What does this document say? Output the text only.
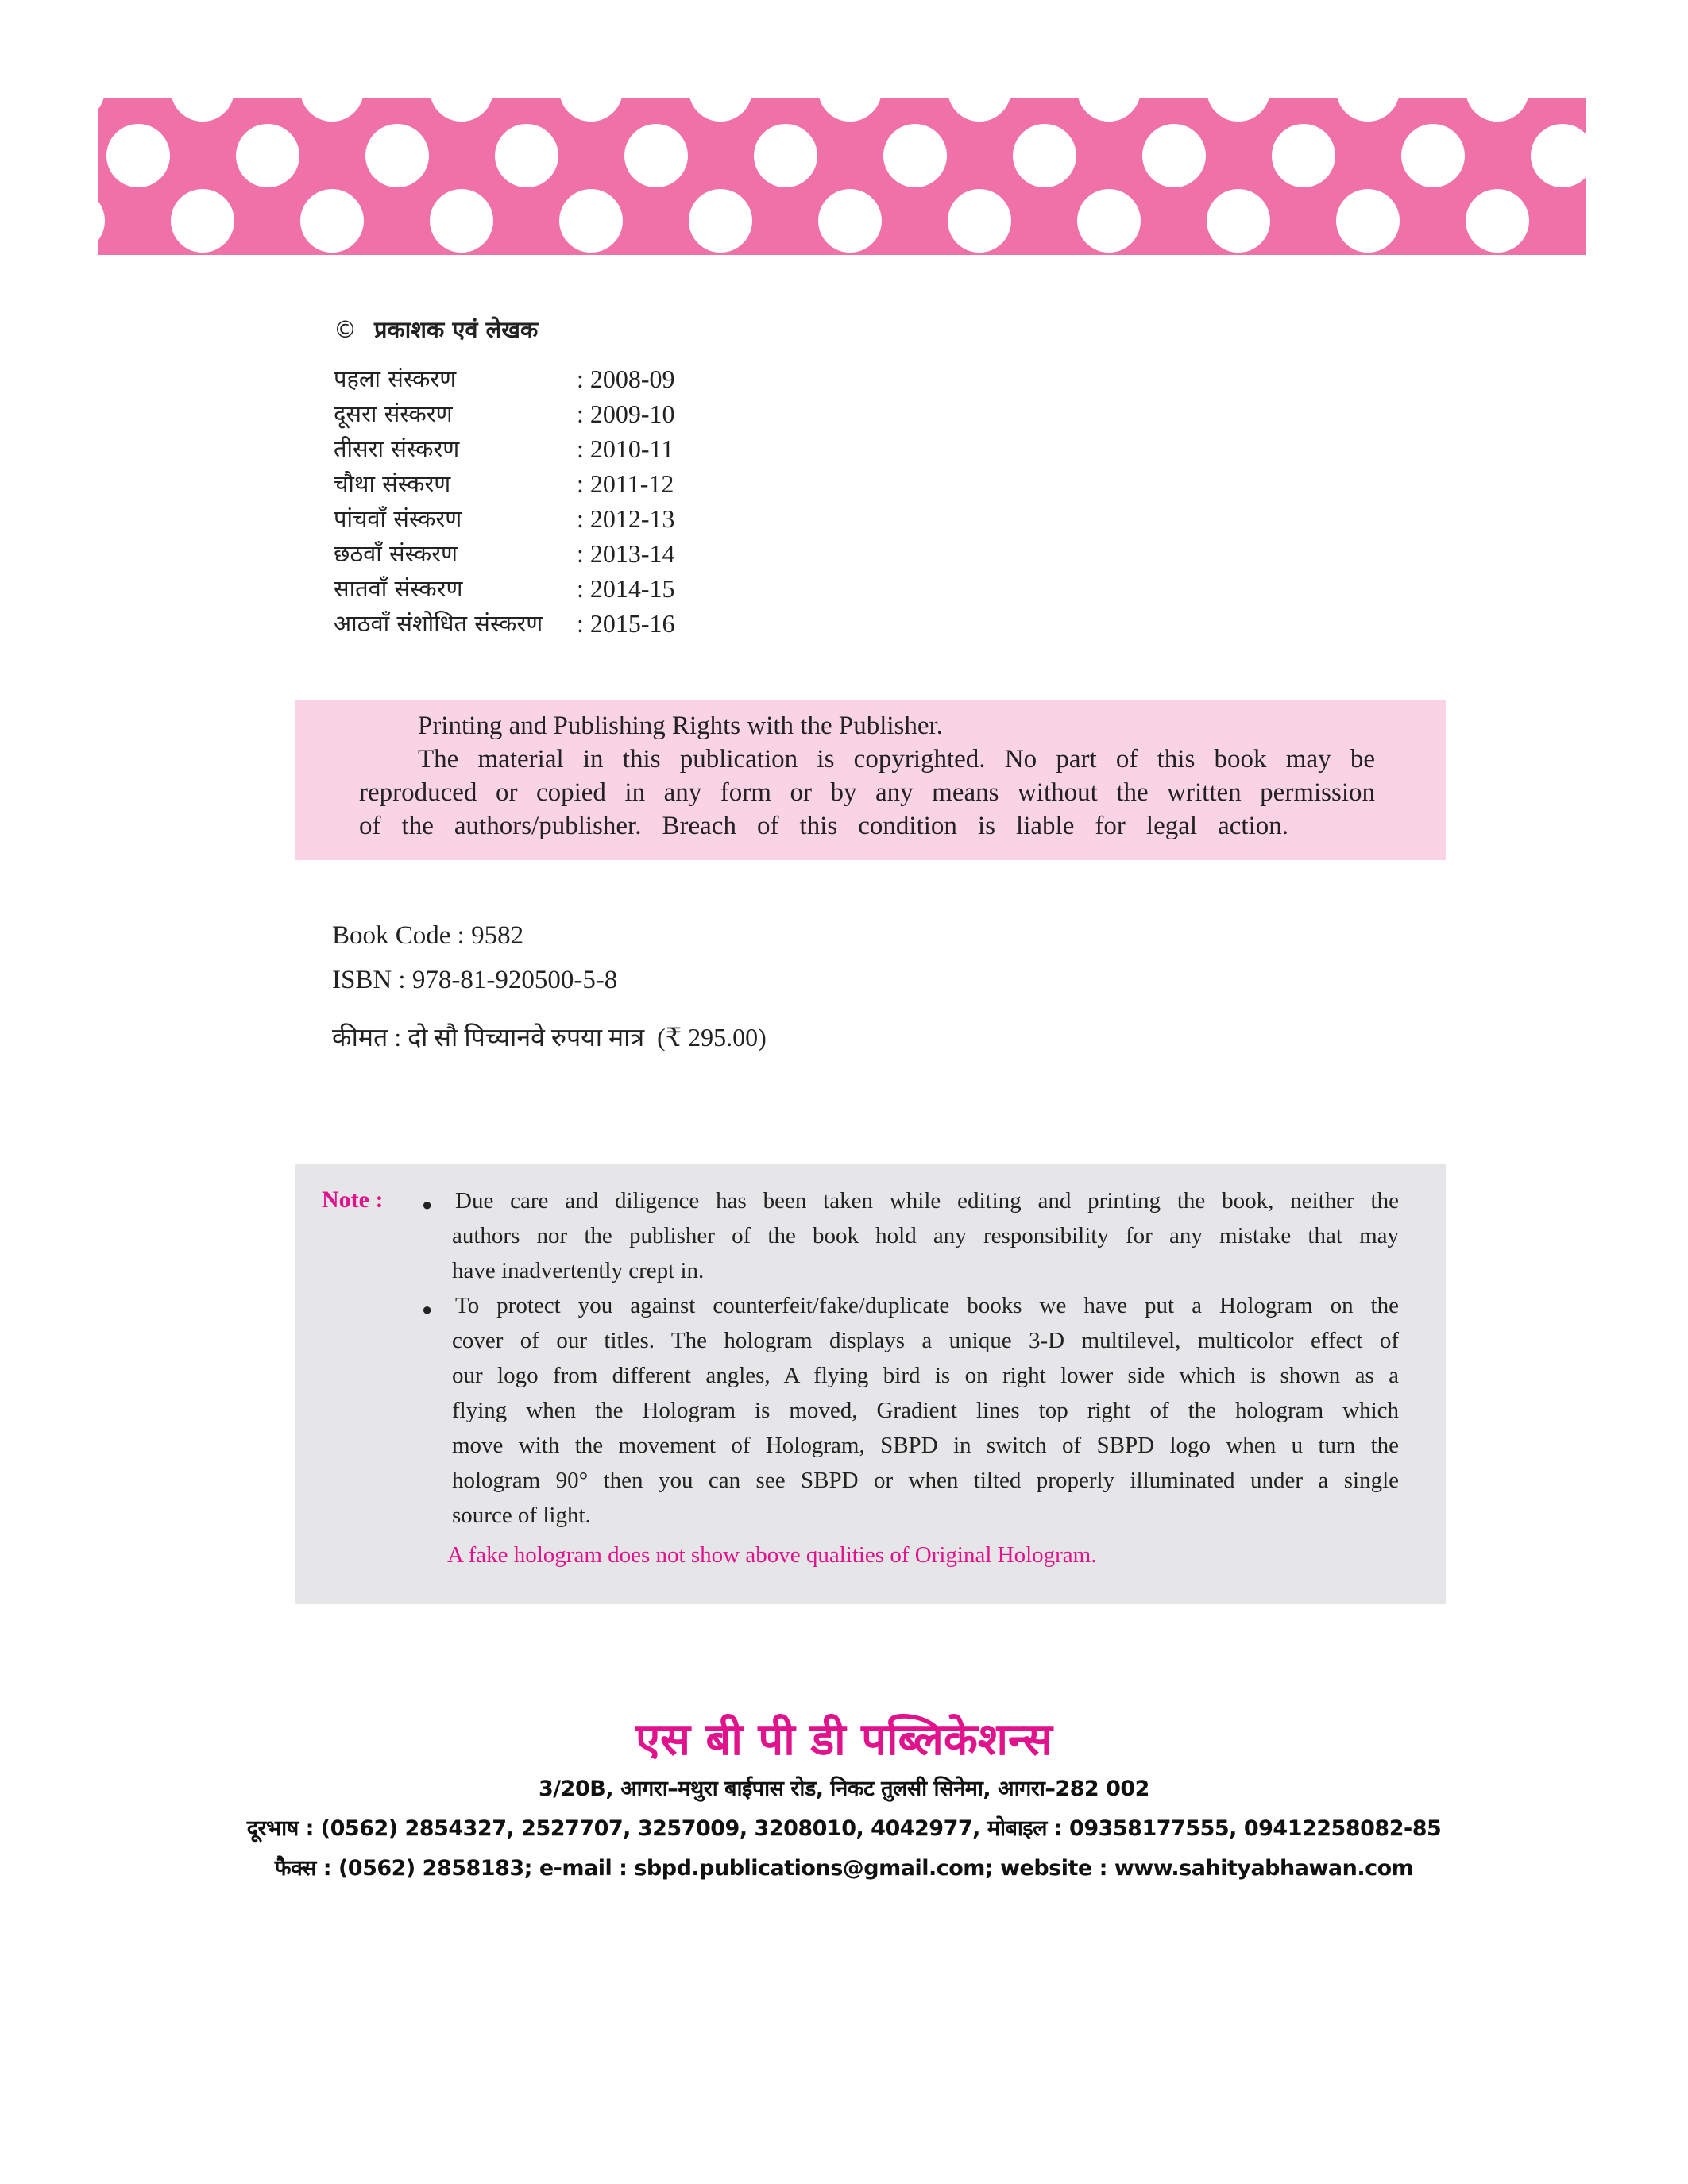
© प्रकाशक एवं लेखक
पहला संस्करण	: 2008-09
दूसरा संस्करण	: 2009-10
तीसरा संस्करण	: 2010-11
चौथा संस्करण	: 2011-12
पांचवाँ संस्करण	: 2012-13
छठवाँ संस्करण	: 2013-14
सातवाँ संस्करण	: 2014-15
आठवाँ संशोधित संस्करण : 2015-16
Printing and Publishing Rights with the Publisher.
The material in this publication is copyrighted. No part of this book may be
reproduced or copied in any form or by any means without the written permission
of the authors/publisher. Breach of this condition is liable for legal action.
Book Code : 9582
ISBN : 978-81-920500-5-8
कीमत : दो सौ पिच्यानवे रुपया मात्र  (₹ 295.00)
Note : ●
●
Due care and diligence has been taken while editing and printing the book, neither the
authors nor the publisher of the book hold any responsibility for any mistake that may
have inadvertently crept in.
To protect you against counterfeit/fake/duplicate books we have put a Hologram on the
cover of our titles. The hologram displays a unique 3-D multilevel, multicolor effect of
our logo from different angles, A flying bird is on right lower side which is shown as a
flying when the Hologram is moved, Gradient lines top right of the hologram which
move with the movement of Hologram, SBPD in switch of SBPD logo when u turn the
hologram 90° then you can see SBPD or when tilted properly illuminated under a single
source of light.
A fake hologram does not show above qualities of Original Hologram.
एस बी पी डी पब्लिकेशन्स
3/20B, आगरा–मथुरा बाईपास रोड, निकट तुलसी सिनेमा, आगरा–282 002
दूरभाष : (0562) 2854327, 2527707, 3257009, 3208010, 4042977, मोबाइल : 09358177555, 09412258082-85
फैक्स : (0562) 2858183; e-mail : sbpd.publications@gmail.com; website : www.sahityabhawan.com
